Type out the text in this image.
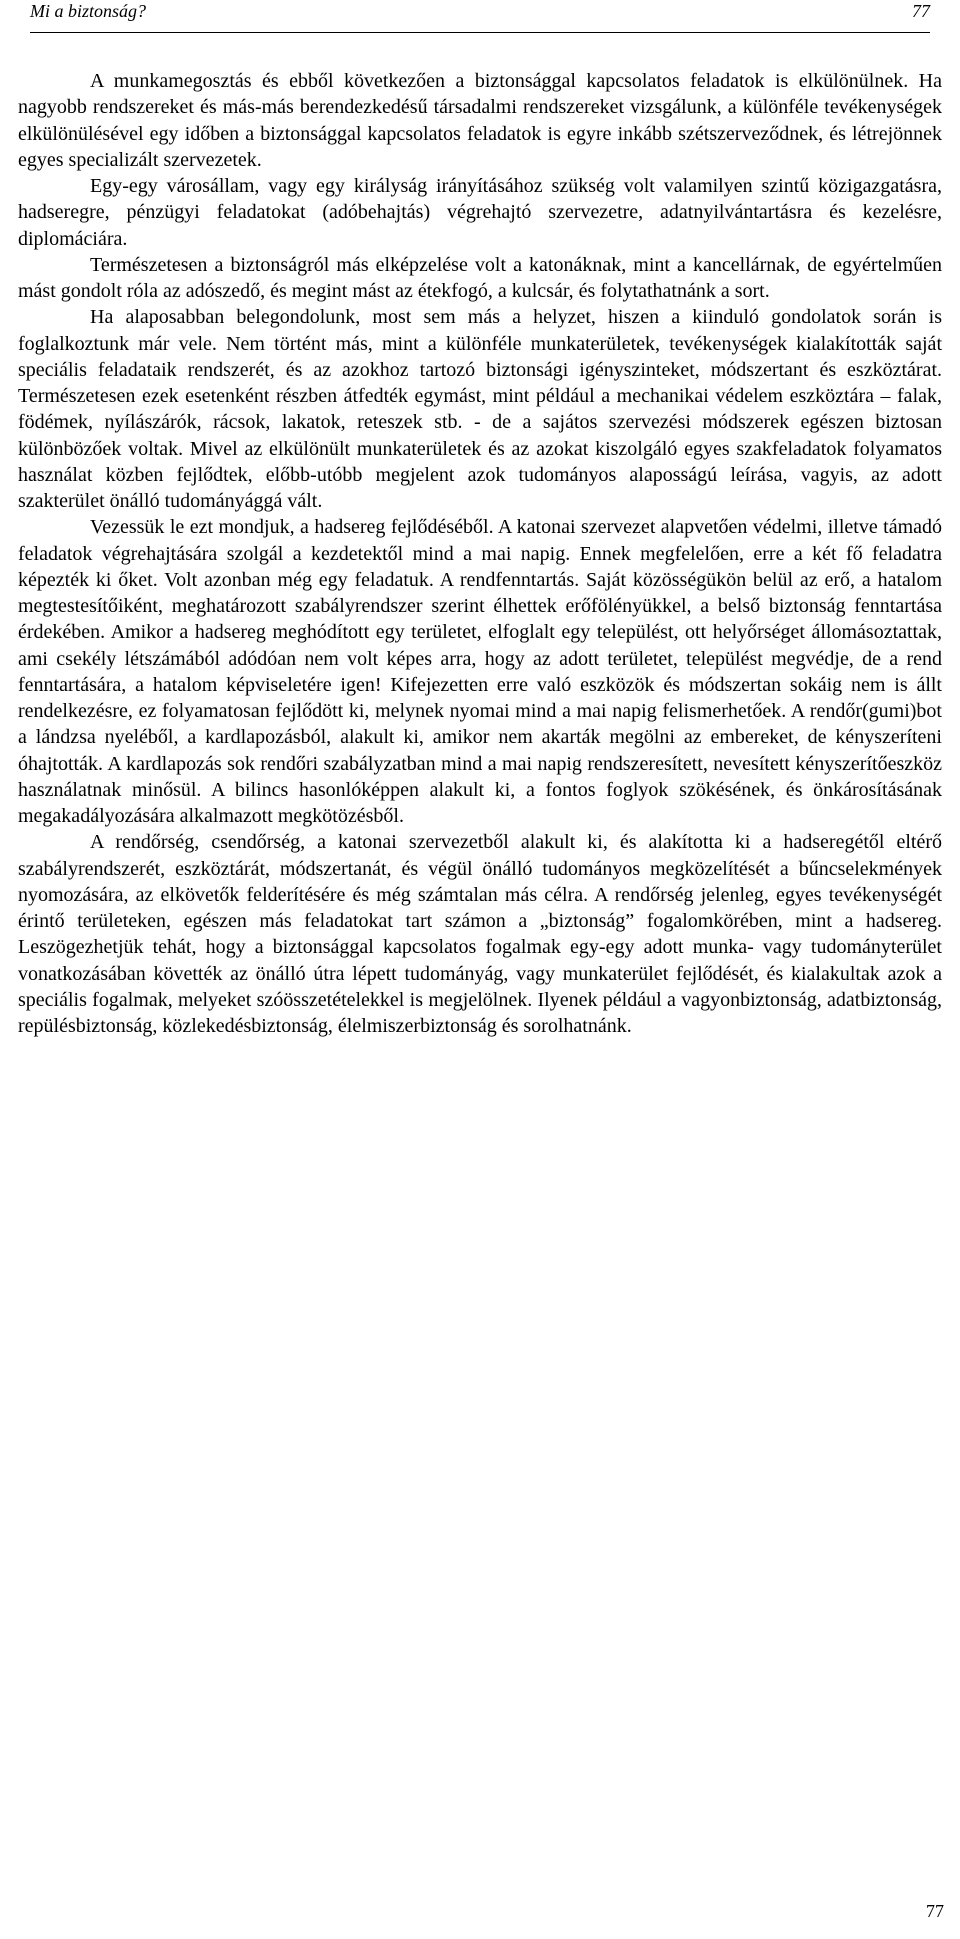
Mi a biztonság?	77

A munkamegosztás és ebből következően a biztonsággal kapcsolatos feladatok is elkülönülnek. Ha nagyobb rendszereket és más-más berendezkedésű társadalmi rendszereket vizsgálunk, a különféle tevékenységek elkülönülésével egy időben a biztonsággal kapcsolatos feladatok is egyre inkább szétszerveződnek, és létrejönnek egyes specializált szervezetek.

Egy-egy városállam, vagy egy királyság irányításához szükség volt valamilyen szintű közigazgatásra, hadseregre, pénzügyi feladatokat (adóbehajtás) végrehajtó szervezetre, adatnyilvántartásra és kezelésre, diplomáciára.

Természetesen a biztonságról más elképzelése volt a katonáknak, mint a kancellárnak, de egyértelműen mást gondolt róla az adószedő, és megint mást az étekfogó, a kulcsár, és folytathatnánk a sort.

Ha alaposabban belegondolunk, most sem más a helyzet, hiszen a kiinduló gondolatok során is foglalkoztunk már vele. Nem történt más, mint a különféle munkaterületek, tevékenységek kialakították saját speciális feladataik rendszerét, és az azokhoz tartozó biztonsági igényszinteket, módszertant és eszköztárat. Természetesen ezek esetenként részben átfedték egymást, mint például a mechanikai védelem eszköztára – falak, födémek, nyílászárók, rácsok, lakatok, reteszek stb. - de a sajátos szervezési módszerek egészen biztosan különbözőek voltak. Mivel az elkülönült munkaterületek és az azokat kiszolgáló egyes szakfeladatok folyamatos használat közben fejlődtek, előbb-utóbb megjelent azok tudományos alaposságú leírása, vagyis, az adott szakterület önálló tudományággá vált.

Vezessük le ezt mondjuk, a hadsereg fejlődéséből. A katonai szervezet alapvetően védelmi, illetve támadó feladatok végrehajtására szolgál a kezdetektől mind a mai napig. Ennek megfelelően, erre a két fő feladatra képezték ki őket. Volt azonban még egy feladatuk. A rendfenntartás. Saját közösségükön belül az erő, a hatalom megtestesítőiként, meghatározott szabályrendszer szerint élhettek erőfölényükkel, a belső biztonság fenntartása érdekében. Amikor a hadsereg meghódított egy területet, elfoglalt egy települést, ott helyőrséget állomásoztattak, ami csekély létszámából adódóan nem volt képes arra, hogy az adott területet, települést megvédje, de a rend fenntartására, a hatalom képviseletére igen! Kifejezetten erre való eszközök és módszertan sokáig nem is állt rendelkezésre, ez folyamatosan fejlődött ki, melynek nyomai mind a mai napig felismerhetőek. A rendőr(gumi)bot a lándzsa nyeléből, a kardlapozásból, alakult ki, amikor nem akarták megölni az embereket, de kényszeríteni óhajtották. A kardlapozás sok rendőri szabályzatban mind a mai napig rendszeresített, nevesített kényszerítőeszköz használatnak minősül. A bilincs hasonlóképpen alakult ki, a fontos foglyok szökésének, és önkárosításának megakadályozására alkalmazott megkötözésből.

A rendőrség, csendőrség, a katonai szervezetből alakult ki, és alakította ki a hadseregétől eltérő szabályrendszerét, eszköztárát, módszertanát, és végül önálló tudományos megközelítését a bűncselekmények nyomozására, az elkövetők felderítésére és még számtalan más célra. A rendőrség jelenleg, egyes tevékenységét érintő területeken, egészen más feladatokat tart számon a „biztonság” fogalomkörében, mint a hadsereg. Leszögezhetjük tehát, hogy a biztonsággal kapcsolatos fogalmak egy-egy adott munka- vagy tudományterület vonatkozásában követték az önálló útra lépett tudományág, vagy munkaterület fejlődését, és kialakultak azok a speciális fogalmak, melyeket szóösszetételekkel is megjelölnek. Ilyenek például a vagyonbiztonság, adatbiztonság, repülésbiztonság, közlekedésbiztonság, élelmiszerbiztonság és sorolhatnánk.

77
